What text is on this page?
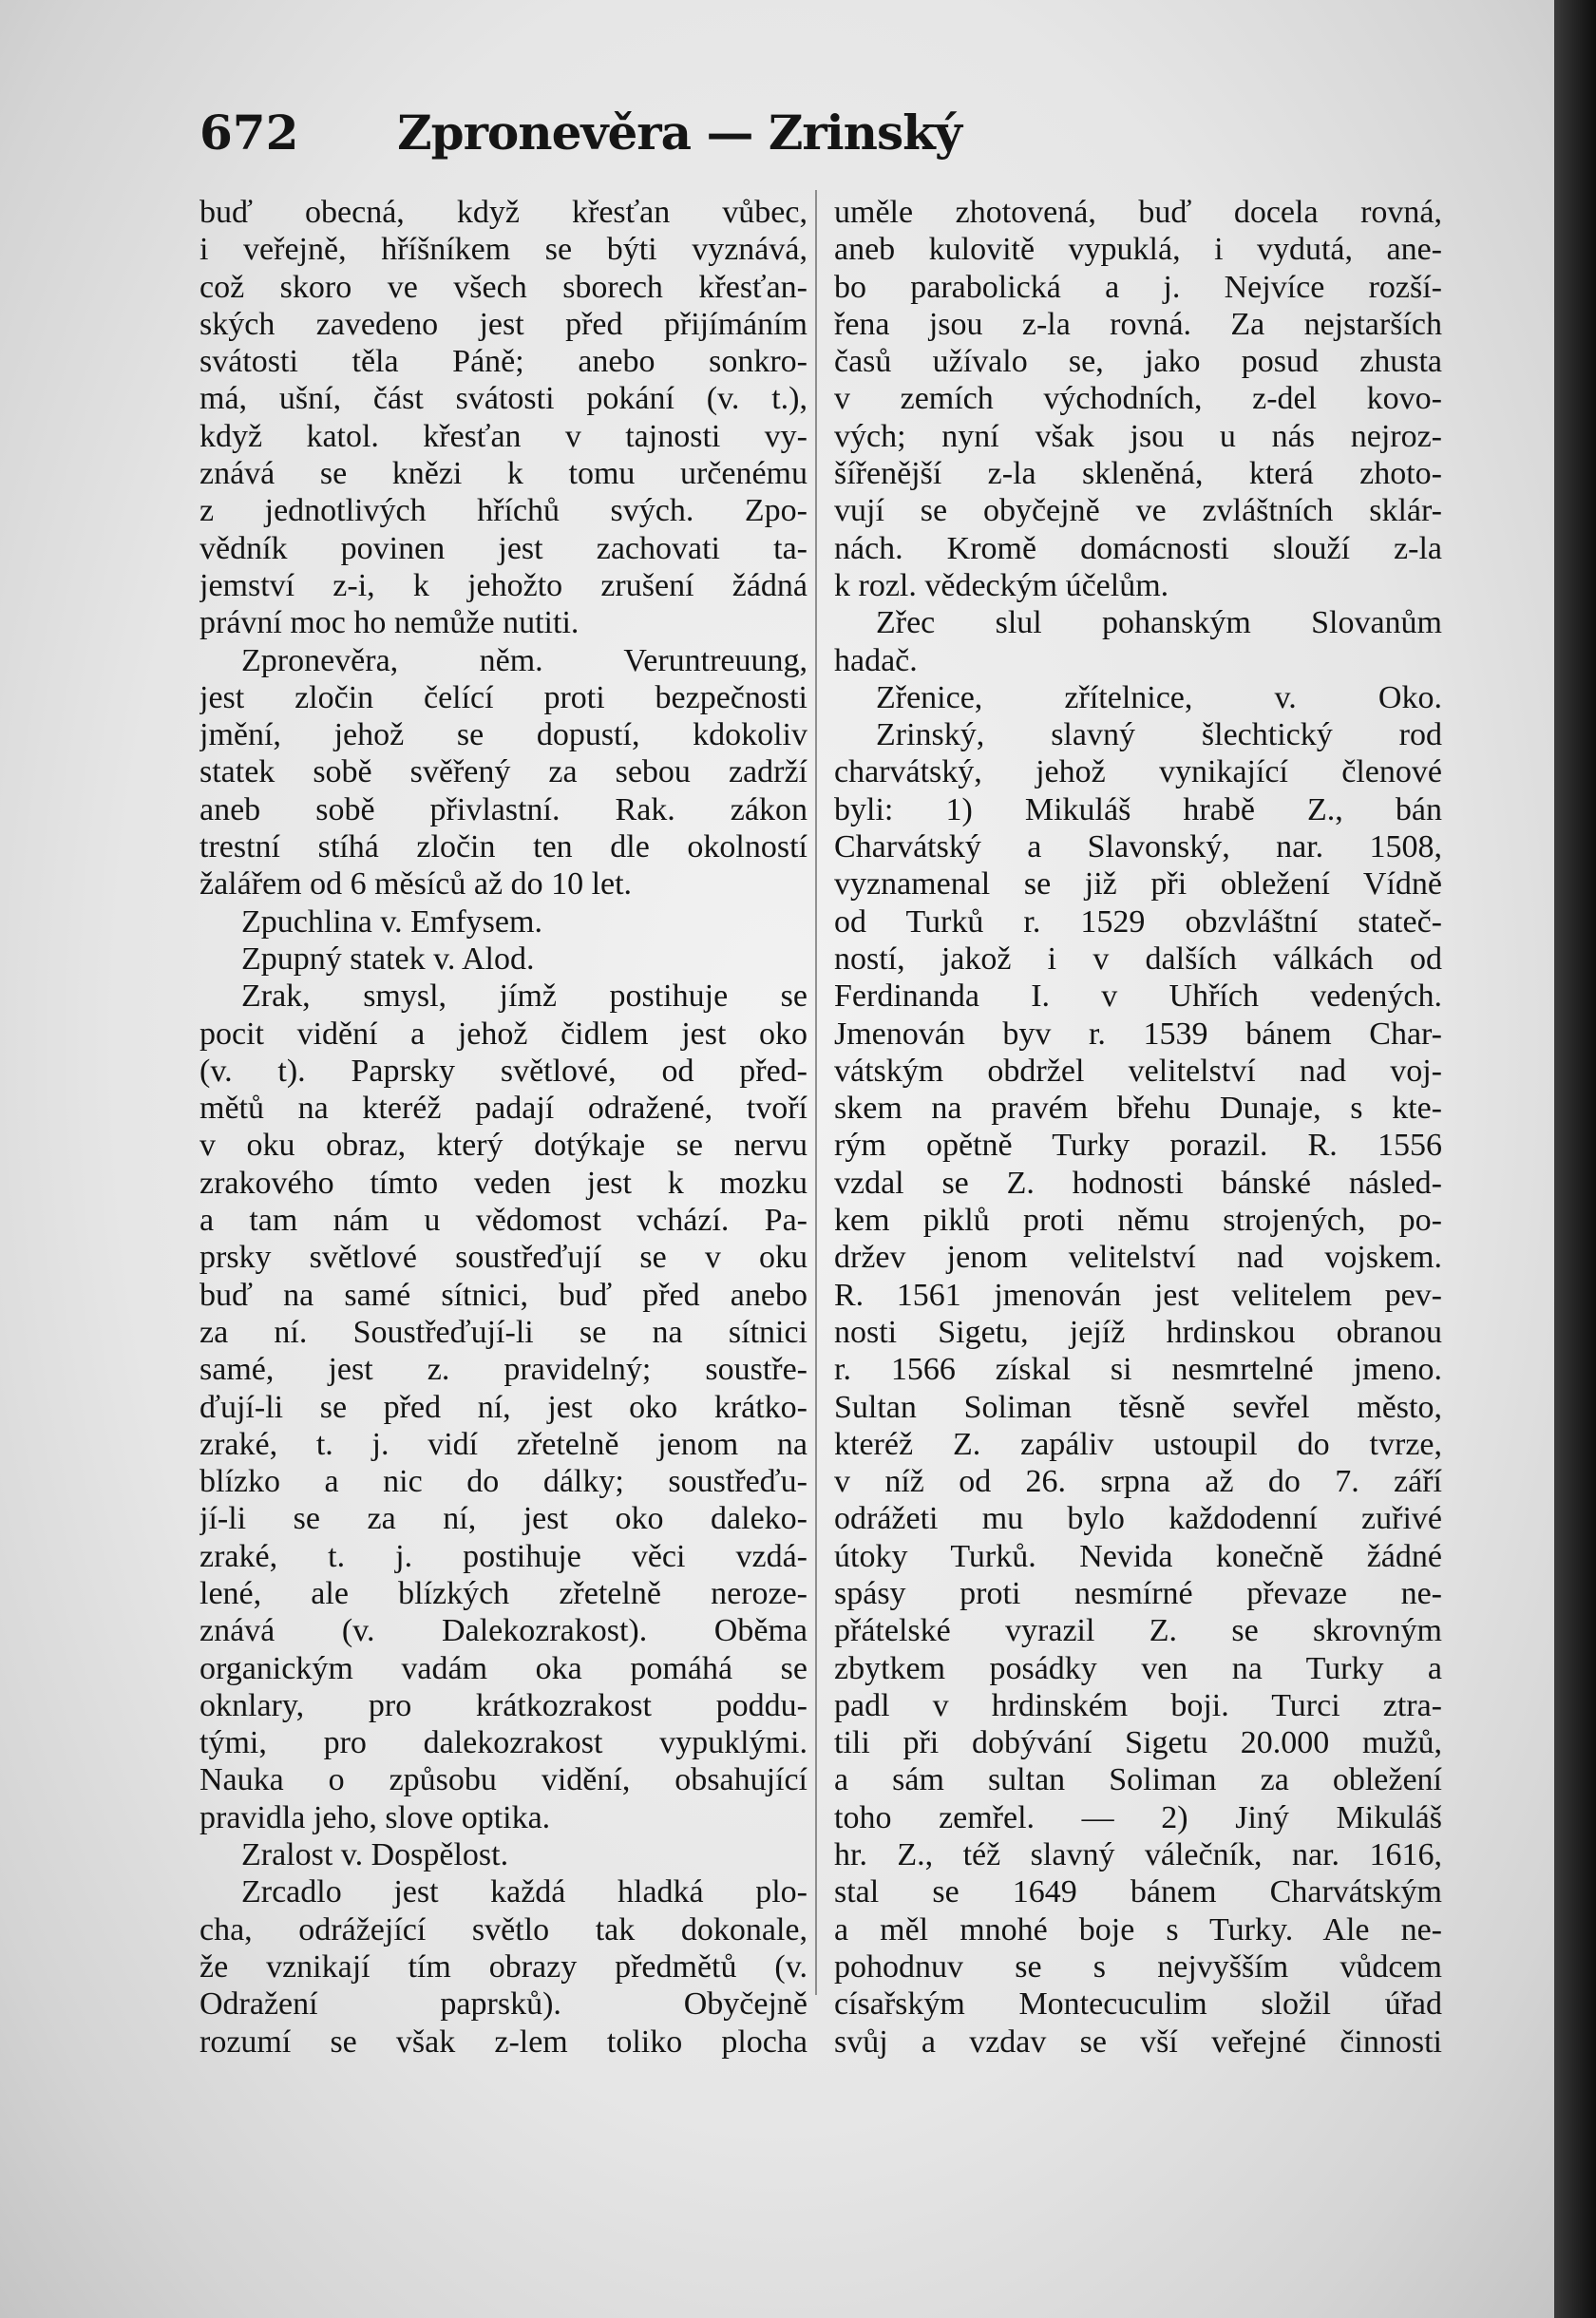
Zpronevěra — Zrinský
672
buď obecná, když křesťan vůbec,
i veřejně, hříšníkem se býti vyznává,
což skoro ve všech sborech křesťan-
ských zavedeno jest před přijímáním
svátosti těla Páně; anebo sonkro-
má, ušní, část svátosti pokání (v. t.),
když katol. křesťan v tajnosti vy-
znává se knězi k tomu určenému
z jednotlivých hříchů svých. Zpo-
vědník povinen jest zachovati ta-
jemství z-i, k jehožto zrušení žádná
právní moc ho nemůže nutiti.
Zpronevěra, něm. Veruntreuung,
jest zločin čelící proti bezpečnosti
jmění, jehož se dopustí, kdokoliv
statek sobě svěřený za sebou zadrží
aneb sobě přivlastní. Rak. zákon
trestní stíhá zločin ten dle okolností
žalářem od 6 měsíců až do 10 let.
Zpuchlina v. Emfysem.
Zpupný statek v. Alod.
Zrak, smysl, jímž postihuje se
pocit vidění a jehož čidlem jest oko
(v. t). Paprsky světlové, od před-
mětů na kteréž padají odražené, tvoří
v oku obraz, který dotýkaje se nervu
zrakového tímto veden jest k mozku
a tam nám u vědomost vchází. Pa-
prsky světlové soustřeďují se v oku
buď na samé sítnici, buď před anebo
za ní. Soustřeďují-li se na sítnici
samé, jest z. pravidelný; soustře-
ďují-li se před ní, jest oko krátko-
zraké, t. j. vidí zřetelně jenom na
blízko a nic do dálky; soustřeďu-
jí-li se za ní, jest oko daleko-
zraké, t. j. postihuje věci vzdá-
lené, ale blízkých zřetelně neroze-
znává (v. Dalekozrakost). Oběma
organickým vadám oka pomáhá se
oknlary, pro krátkozrakost poddu-
tými, pro dalekozrakost vypuklými.
Nauka o způsobu vidění, obsahující
pravidla jeho, slove optika.
Zralost v. Dospělost.
Zrcadlo jest každá hladká plo-
cha, odrážející světlo tak dokonale,
že vznikají tím obrazy předmětů (v.
Odražení paprsků). Obyčejně
rozumí se však z-lem toliko plocha
uměle zhotovená, buď docela rovná,
aneb kulovitě vypuklá, i vydutá, ane-
bo parabolická a j. Nejvíce rozší-
řena jsou z-la rovná. Za nejstarších
časů užívalo se, jako posud zhusta
v zemích východních, z-del kovo-
vých; nyní však jsou u nás nejroz-
šířenější z-la skleněná, která zhoto-
vují se obyčejně ve zvláštních sklár-
nách. Kromě domácnosti slouží z-la
k rozl. vědeckým účelům.
Zřec slul pohanským Slovanům
hadač.
Zřenice, zřítelnice, v. Oko.
Zrinský, slavný šlechtický rod
charvátský, jehož vynikající členové
byli: 1) Mikuláš hrabě Z., bán
Charvátský a Slavonský, nar. 1508,
vyznamenal se již při obležení Vídně
od Turků r. 1529 obzvláštní stateč-
ností, jakož i v dalších válkách od
Ferdinanda I. v Uhřích vedených.
Jmenován byv r. 1539 bánem Char-
vátským obdržel velitelství nad voj-
skem na pravém břehu Dunaje, s kte-
rým opětně Turky porazil. R. 1556
vzdal se Z. hodnosti bánské násled-
kem piklů proti němu strojených, po-
držev jenom velitelství nad vojskem.
R. 1561 jmenován jest velitelem pev-
nosti Sigetu, jejíž hrdinskou obranou
r. 1566 získal si nesmrtelné jmeno.
Sultan Soliman těsně sevřel město,
kteréž Z. zapáliv ustoupil do tvrze,
v níž od 26. srpna až do 7. září
odrážeti mu bylo každodenní zuřivé
útoky Turků. Nevida konečně žádné
spásy proti nesmírné převaze ne-
přátelské vyrazil Z. se skrovným
zbytkem posádky ven na Turky a
padl v hrdinském boji. Turci ztra-
tili při dobývání Sigetu 20.000 mužů,
a sám sultan Soliman za obležení
toho zemřel. — 2) Jiný Mikuláš
hr. Z., též slavný válečník, nar. 1616,
stal se 1649 bánem Charvátským
a měl mnohé boje s Turky. Ale ne-
pohodnuv se s nejvyšším vůdcem
císařským Montecuculim složil úřad
svůj a vzdav se vší veřejné činnosti
